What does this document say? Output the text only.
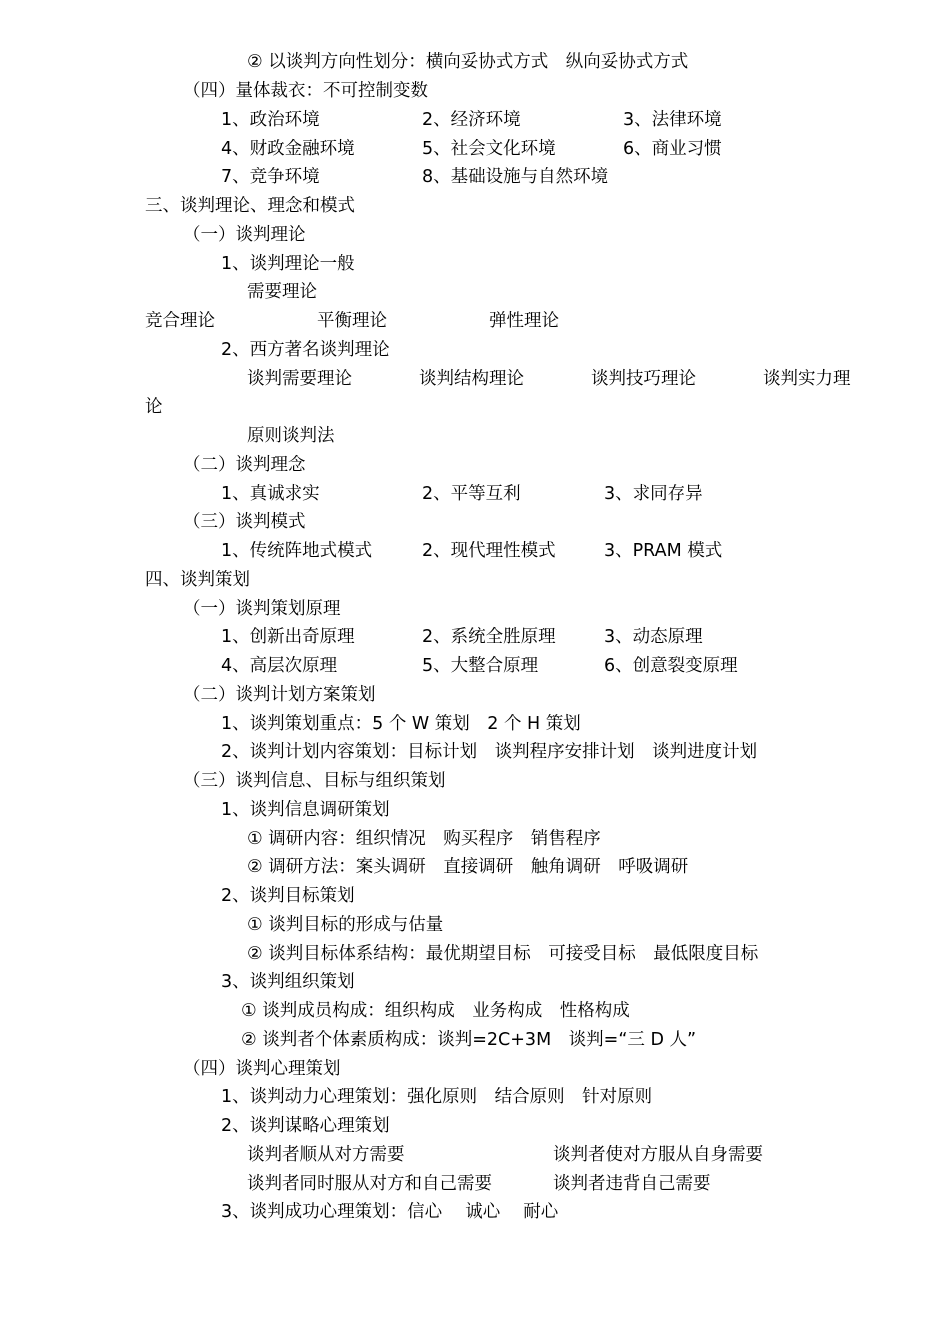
② 以谈判方向性划分：横向妥协式方式　纵向妥协式方式
（四）量体裁衣：不可控制变数
1、政治环境	2、经济环境	3、法律环境
4、财政金融环境	5、社会文化环境	6、商业习惯
7、竞争环境	8、基础设施与自然环境
三、谈判理论、理念和模式
（一）谈判理论
1、谈判理论一般
需要理论
竞合理论	平衡理论	弹性理论
2、西方著名谈判理论
谈判需要理论	谈判结构理论	谈判技巧理论	谈判实力理
论
原则谈判法
（二）谈判理念
1、真诚求实	2、平等互利	3、求同存异
（三）谈判模式
1、传统阵地式模式	2、现代理性模式	3、PRAM 模式
四、谈判策划
（一）谈判策划原理
1、创新出奇原理	2、系统全胜原理	3、动态原理
4、高层次原理	5、大整合原理	6、创意裂变原理
（二）谈判计划方案策划
1、谈判策划重点：5 个 W 策划　2 个 H 策划
2、谈判计划内容策划：目标计划　谈判程序安排计划　谈判进度计划
（三）谈判信息、目标与组织策划
1、谈判信息调研策划
① 调研内容：组织情况　购买程序　销售程序
② 调研方法：案头调研　直接调研　触角调研　呼吸调研
2、谈判目标策划
① 谈判目标的形成与估量
② 谈判目标体系结构：最优期望目标　可接受目标　最低限度目标
3、谈判组织策划
① 谈判成员构成：组织构成　业务构成　性格构成
② 谈判者个体素质构成：谈判=2C+3M　谈判=“三 D 人”
（四）谈判心理策划
1、谈判动力心理策划：强化原则　结合原则　针对原则
2、谈判谋略心理策划
谈判者顺从对方需要	谈判者使对方服从自身需要
谈判者同时服从对方和自己需要	谈判者违背自己需要
3、谈判成功心理策划：信心　 诚心　 耐心
